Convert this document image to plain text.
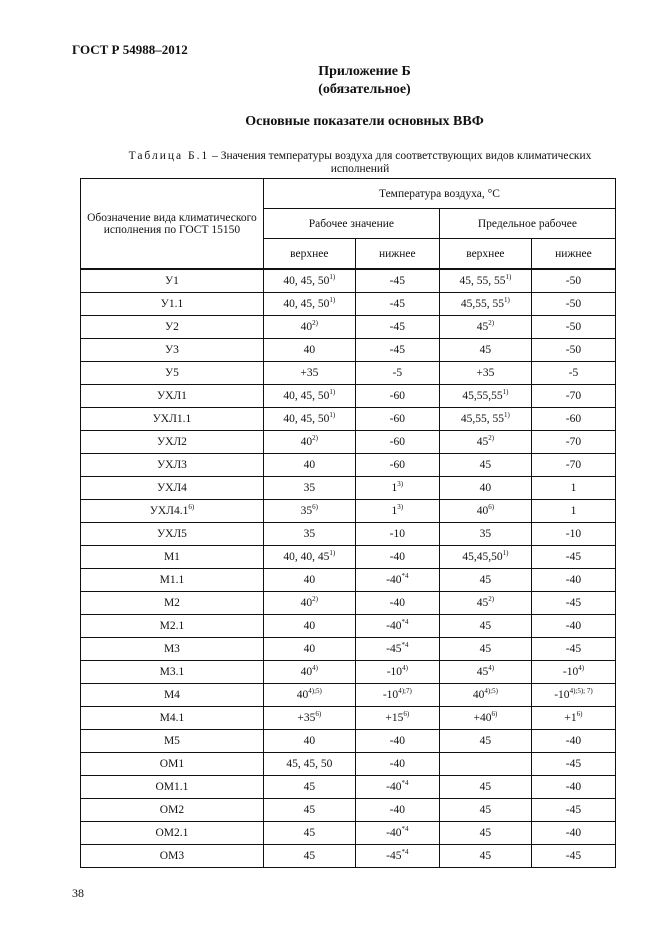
ГОСТ Р 54988–2012
Приложение Б
(обязательное)
Основные показатели основных ВВФ
Таблица Б.1 – Значения температуры воздуха для соответствующих видов климатических исполнений
Обозначение вида климатического исполнения по ГОСТ 15150	Температура воздуха, °С			
	Рабочее значение		Предельное рабочее	
	верхнее	нижнее	верхнее	нижнее
У1	40, 45, 50$^{1)}$	-45	45, 55, 55$^{1)}$	-50
У1.1	40, 45, 50$^{1)}$	-45	45,55, 55$^{1)}$	-50
У2	40$^{2)}$	-45	45$^{2)}$	-50
У3	40	-45	45	-50
У5	+35	-5	+35	-5
УХЛ1	40, 45, 50$^{1)}$	-60	45,55,55$^{1)}$	-70
УХЛ1.1	40, 45, 50$^{1)}$	-60	45,55, 55$^{1)}$	-60
УХЛ2	40$^{2)}$	-60	45$^{2)}$	-70
УХЛ3	40	-60	45	-70
УХЛ4	35	1$^{3)}$	40	1
УХЛ4.1$^{6)}$	35$^{6)}$	1$^{3)}$	40$^{6)}$	1
УХЛ5	35	-10	35	-10
М1	40, 40, 45$^{1)}$	-40	45,45,50$^{1)}$	-45
М1.1	40	-40$^{*4}$	45	-40
М2	40$^{2)}$	-40	45$^{2)}$	-45
М2.1	40	-40$^{*4}$	45	-40
М3	40	-45$^{*4}$	45	-45
М3.1	40$^{4)}$	-10$^{4)}$	45$^{4)}$	-10$^{4)}$
М4	$40^{4);5)}$	$-10^{4);7)}$	$40^{4);5)}$	$-10^{4);5); 7)}$
М4.1	$+35^{6)}$	$+15^{6)}$	$+40^{6)}$	$+1^{6)}$
М5	40	-40	45	-40
ОМ1	45, 45, 50	-40		-45
ОМ1.1	45	-40$^{*4}$	45	-40
ОМ2	45	-40	45	-45
ОМ2.1	45	-40$^{*4}$	45	-40
ОМ3	45	-45$^{*4}$	45	-45
38
